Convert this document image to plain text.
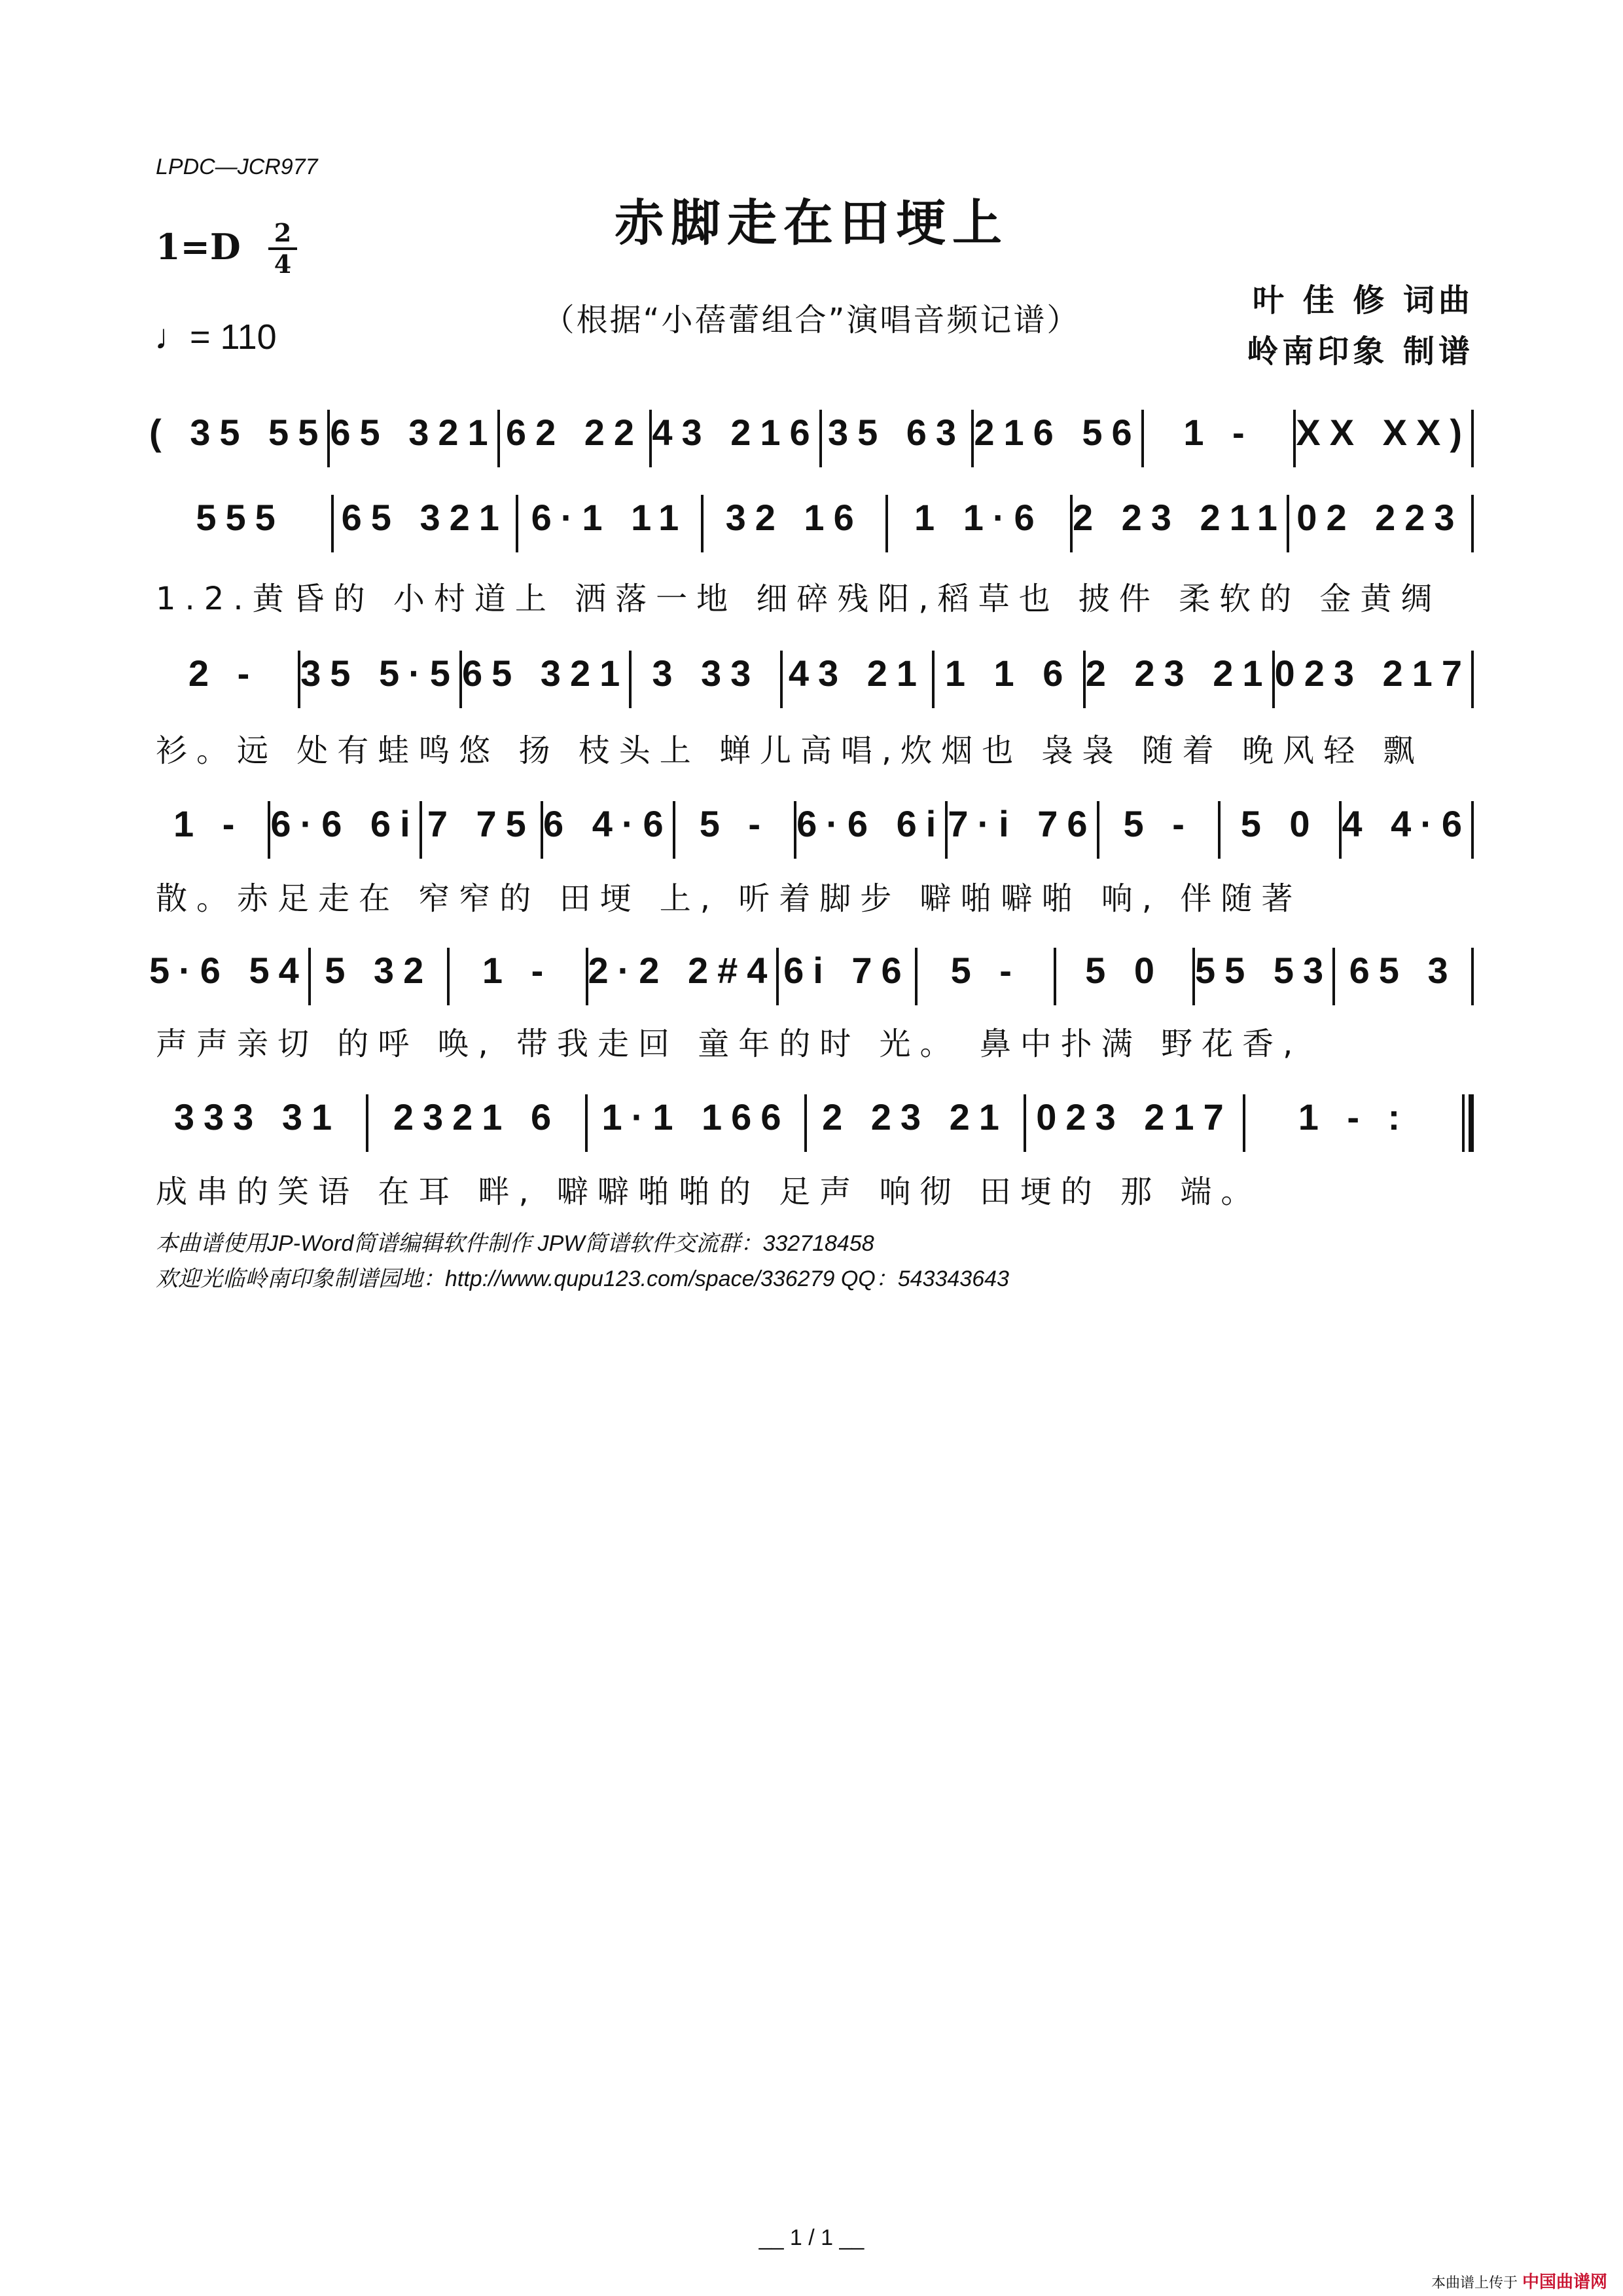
LPDC—JCR977
赤脚走在田埂上
1=D 2
4
♩= 110	（根据“小蓓蕾组合”演唱音频记谱）
叶 佳 修 词曲
岭南印象 制谱
( 35 55 65 321 62 22 43 216 35 63 216 56	1 -	XX XX)
555	65 321 6·1 11	32 16	1 1·6 2 23 211 02 223
1.2.黄昏的 小村道上 洒落一地 细碎残阳,稻草也 披件 柔软的 金黄绸
2 -	35 5·5 65 321 3 33 43 21 1 1 6 2 23 21 023 217
衫。远 处有蛙鸣悠 扬 枝头上 蝉儿高唱,炊烟也 袅袅 随着 晚风轻 飘
1 - 6·6 6i 7 75 6 4·6 5 - 6·6 6i 7·i 76 5 -	5 0 4 4·6
散。赤足走在 窄窄的 田埂 上, 听着脚步 噼啪噼啪 响, 伴随著
5·6 54 5 32	1 - 2·2 2#4 6i 76	5 -	5 0 55 53 65 3
声声亲切 的呼 唤, 带我走回 童年的时 光。 鼻中扑满 野花香,
333 31	2321 6	1·1 166 2 23 21 023 217	1 - :
成串的笑语 在耳 畔, 噼噼啪啪的 足声 响彻 田埂的 那 端。
本曲谱使用JP-Word简谱编辑软件制作 JPW简谱软件交流群：332718458
欢迎光临岭南印象制谱园地：http://www.qupu123.com/space/336279 QQ：543343643
__ 1 / 1 __
本曲谱上传于 中国曲谱网
